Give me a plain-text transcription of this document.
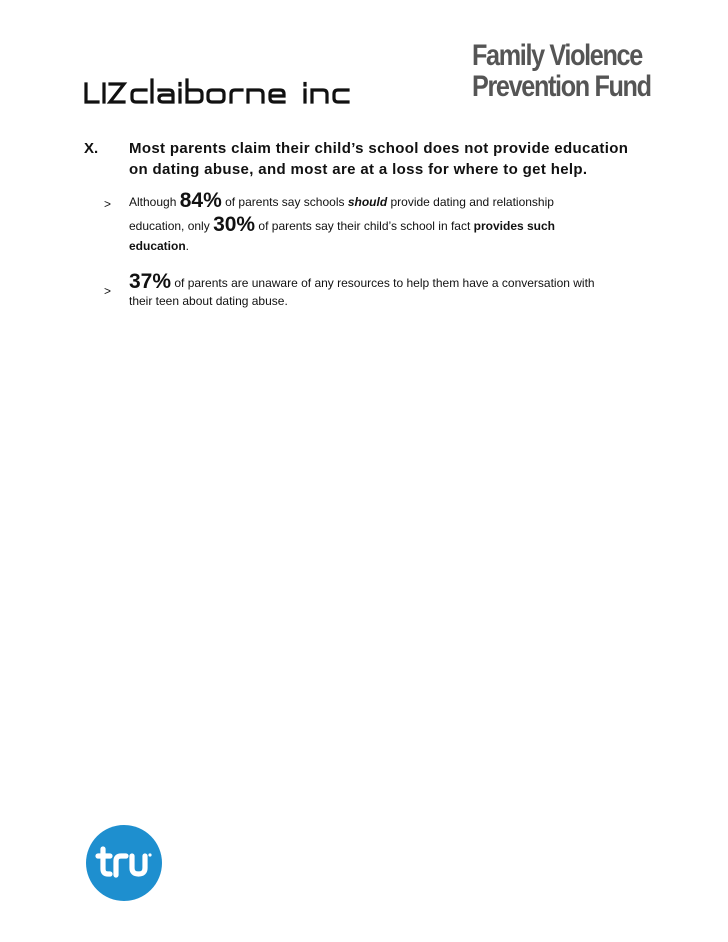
Family Violence
Prevention Fund
X. Most parents claim their child’s school does not provide education on dating abuse, and most are at a loss for where to get help.
> Although 84% of parents say schools should provide dating and relationship
education, only 30% of parents say their child’s school in fact provides such
education.
> 37% of parents are unaware of any resources to help them have a conversation with
their teen about dating abuse.
